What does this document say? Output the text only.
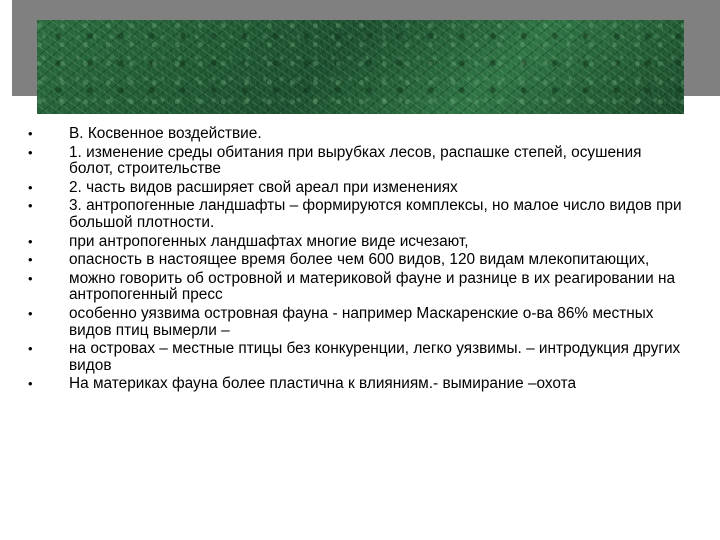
• В. Косвенное воздействие.
• 1. изменение среды обитания при вырубках лесов, распашке степей, осушения болот, строительстве
• 2. часть видов расширяет свой ареал при изменениях
• 3. антропогенные ландшафты – формируются комплексы, но малое число видов при большой плотности.
• при антропогенных ландшафтах многие виде исчезают,
• опасность в настоящее время более чем 600 видов, 120 видам млекопитающих,
• можно говорить об островной и материковой фауне и разнице в их реагировании на антропогенный пресс
• особенно уязвима островная фауна - например Маскаренские о-ва 86% местных видов птиц вымерли –
• на островах – местные птицы без конкуренции, легко уязвимы. – интродукция других видов
• На материках фауна более пластична к влияниям.- вымирание –охота
